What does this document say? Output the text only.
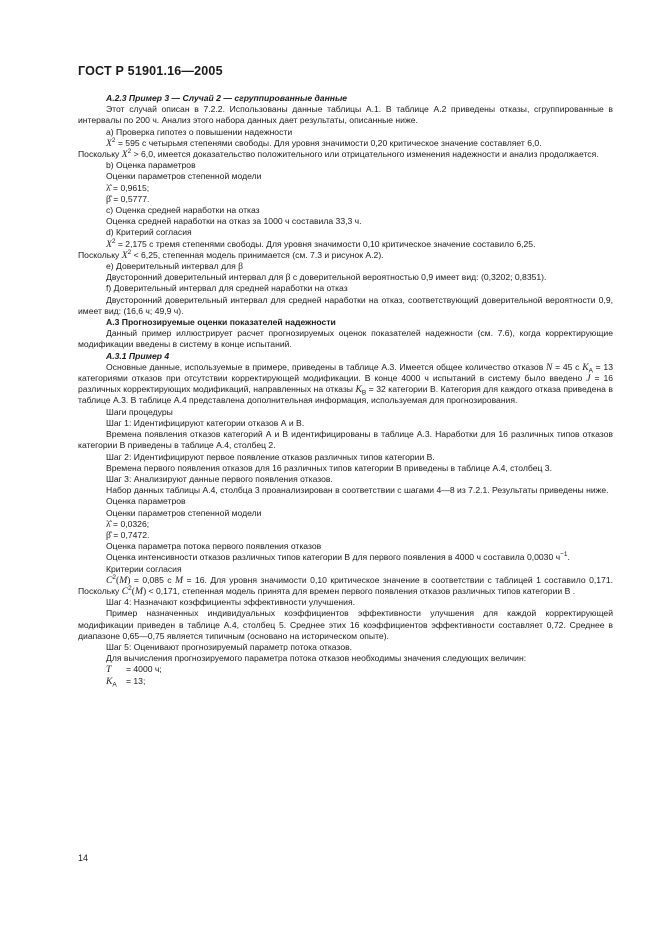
ГОСТ Р 51901.16—2005

А.2.3 Пример 3 — Случай 2 — сгруппированные данные

Этот случай описан в 7.2.2. Использованы данные таблицы А.1. В таблице А.2 приведены отказы, сгруппированные в интервалы по 200 ч. Анализ этого набора данных дает результаты, описанные ниже.

a) Проверка гипотез о повышении надежности

$X^2 = 595$ с четырьмя степенями свободы. Для уровня значимости 0,20 критическое значение составляет 6,0.

Поскольку $X^2 > 6,0$, имеется доказательство положительного или отрицательного изменения надежности и анализ продолжается.

b) Оценка параметров

Оценки параметров степенной модели

λ̂ = 0,9615;

β̂ = 0,5777.

c) Оценка средней наработки на отказ

Оценка средней наработки на отказ за 1000 ч составила 33,3 ч.

d) Критерий согласия

$X^2 = 2,175$ с тремя степенями свободы. Для уровня значимости 0,10 критическое значение составило 6,25.

Поскольку $X^2 < 6,25$, степенная модель принимается (см. 7.3 и рисунок А.2).

e) Доверительный интервал для β

Двусторонний доверительный интервал для β с доверительной вероятностью 0,9 имеет вид: (0,3202; 0,8351).

f) Доверительный интервал для средней наработки на отказ

Двусторонний доверительный интервал для средней наработки на отказ, соответствующий доверительной вероятности 0,9, имеет вид: (16,6 ч; 49,9 ч).

А.3 Прогнозируемые оценки показателей надежности

Данный пример иллюстрирует расчет прогнозируемых оценок показателей надежности (см. 7.6), когда корректирующие модификации введены в систему в конце испытаний.

А.3.1 Пример 4

Основные данные, используемые в примере, приведены в таблице А.3. Имеется общее количество отказов N = 45 с $K_A = 13$ категориями отказов при отсутствии корректирующей модификации. В конце 4000 ч испытаний в систему было введено J = 16 различных корректирующих модификаций, направленных на отказы $K_B = 32$ категории В. Категория для каждого отказа приведена в таблице А.3. В таблице А.4 представлена дополнительная информация, используемая для прогнозирования.

Шаги процедуры

Шаг 1: Идентифицируют категории отказов А и В.

Времена появления отказов категорий А и В идентифицированы в таблице А.3. Наработки для 16 различных типов отказов категории В приведены в таблице А.4, столбец 2.

Шаг 2: Идентифицируют первое появление отказов различных типов категории В.

Времена первого появления отказов для 16 различных типов категории В приведены в таблице А.4, столбец 3.

Шаг 3: Анализируют данные первого появления отказов.

Набор данных таблицы А.4, столбца 3 проанализирован в соответствии с шагами 4—8 из 7.2.1. Результаты приведены ниже.

Оценка параметров

Оценки параметров степенной модели

λ̂ = 0,0326;

β̂ = 0,7472.

Оценка параметра потока первого появления отказов

Оценка интенсивности отказов различных типов категории В для первого появления в 4000 ч составила 0,0030 $ч^{-1}$.

Критерии согласия

$C^2(M) = 0,085$ с M = 16. Для уровня значимости 0,10 критическое значение в соответствии с таблицей 1 составило 0,171. Поскольку $C^2(M) < 0,171$, степенная модель принята для времен первого появления отказов различных типов категории В .

Шаг 4: Назначают коэффициенты эффективности улучшения.

Пример назначенных индивидуальных коэффициентов эффективности улучшения для каждой корректирующей модификации приведен в таблице А.4, столбец 5. Среднее этих 16 коэффициентов эффективности составляет 0,72. Среднее в диапазоне 0,65—0,75 является типичным (основано на историческом опыте).

Шаг 5: Оценивают прогнозируемый параметр потока отказов.

Для вычисления прогнозируемого параметра потока отказов необходимы значения следующих величин:

T = 4000 ч;

$K_A = 13$;

14
